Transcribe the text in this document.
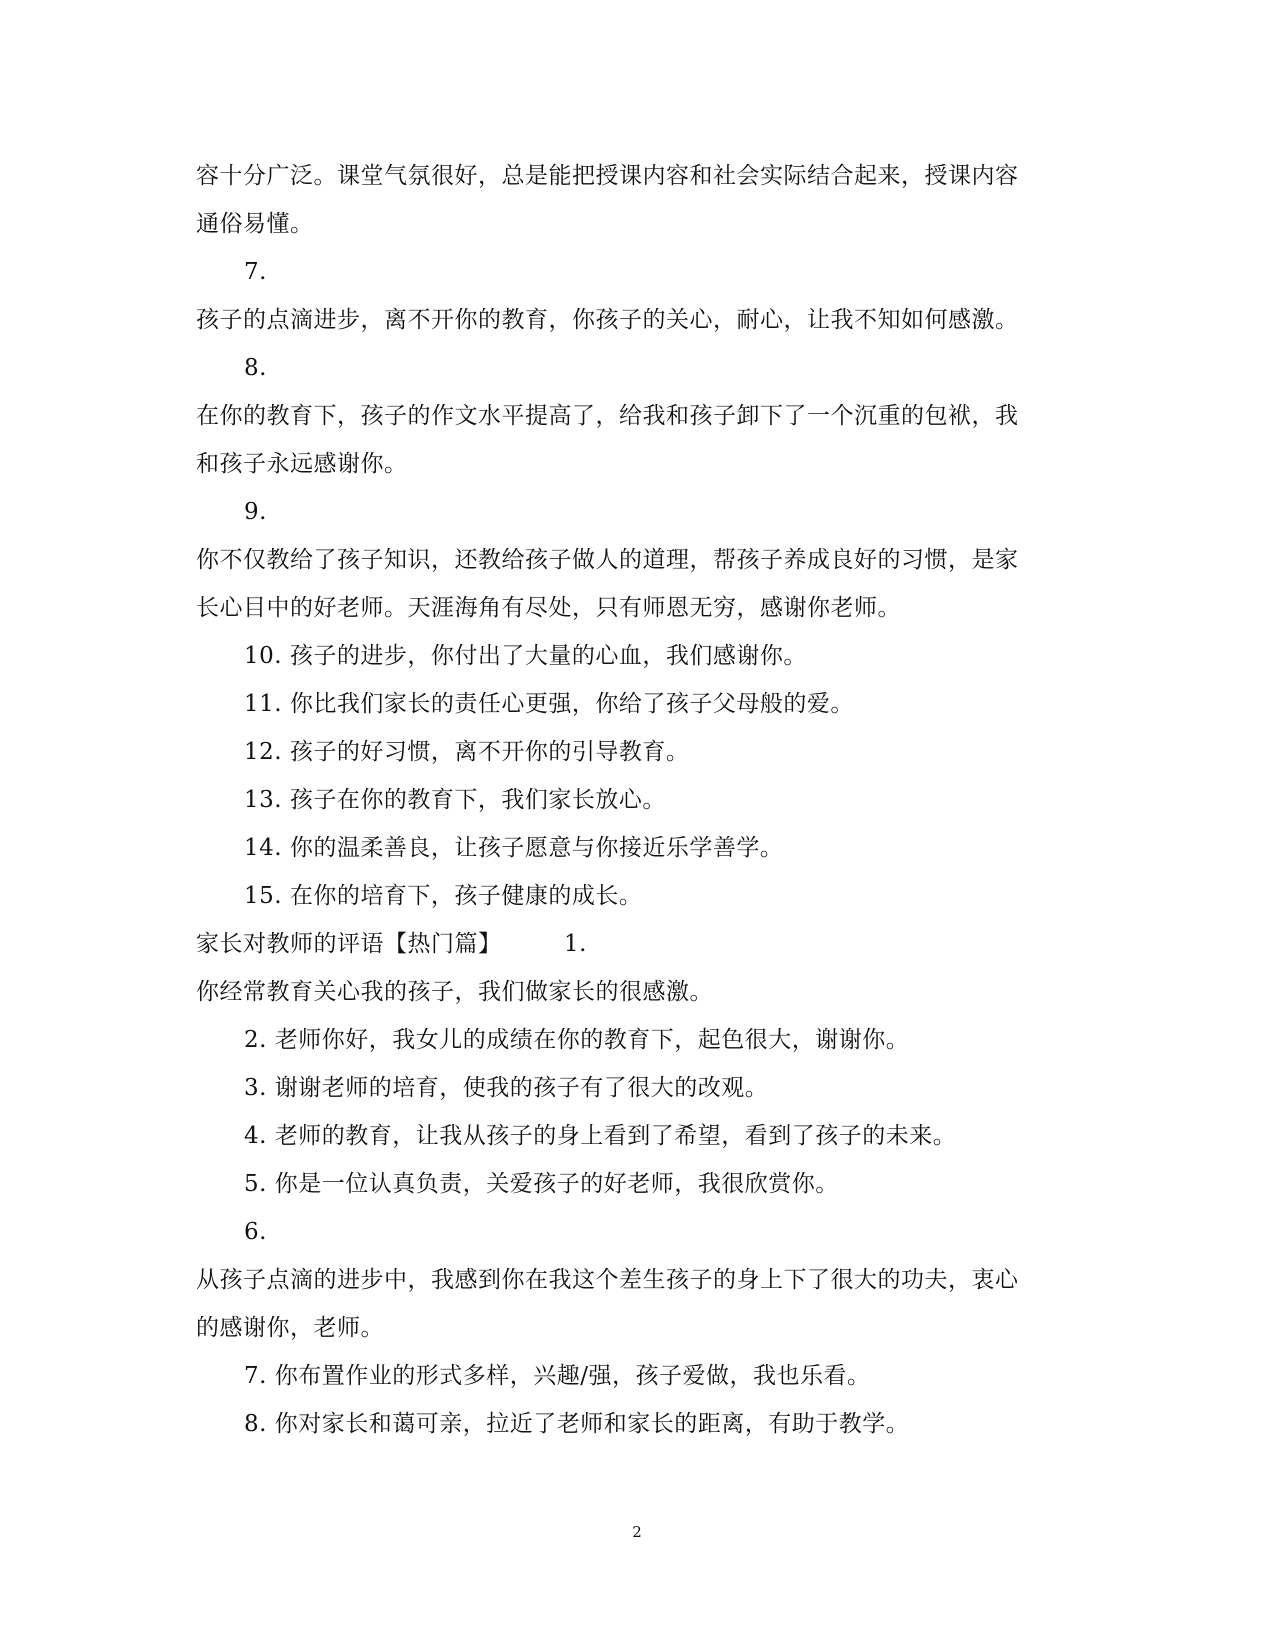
容十分广泛。课堂气氛很好，总是能把授课内容和社会实际结合起来，授课内容
通俗易懂。
7.
孩子的点滴进步，离不开你的教育，你孩子的关心，耐心，让我不知如何感激。
8.
在你的教育下，孩子的作文水平提高了，给我和孩子卸下了一个沉重的包袱，我
和孩子永远感谢你。
9.
你不仅教给了孩子知识，还教给孩子做人的道理，帮孩子养成良好的习惯，是家
长心目中的好老师。天涯海角有尽处，只有师恩无穷，感谢你老师。
10. 孩子的进步，你付出了大量的心血，我们感谢你。
11. 你比我们家长的责任心更强，你给了孩子父母般的爱。
12. 孩子的好习惯，离不开你的引导教育。
13. 孩子在你的教育下，我们家长放心。
14. 你的温柔善良，让孩子愿意与你接近乐学善学。
15. 在你的培育下，孩子健康的成长。
家长对教师的评语【热门篇】        1.
你经常教育关心我的孩子，我们做家长的很感激。
2. 老师你好，我女儿的成绩在你的教育下，起色很大，谢谢你。
3. 谢谢老师的培育，使我的孩子有了很大的改观。
4. 老师的教育，让我从孩子的身上看到了希望，看到了孩子的未来。
5. 你是一位认真负责，关爱孩子的好老师，我很欣赏你。
6.
从孩子点滴的进步中，我感到你在我这个差生孩子的身上下了很大的功夫，衷心
的感谢你，老师。
7. 你布置作业的形式多样，兴趣/强，孩子爱做，我也乐看。
8. 你对家长和蔼可亲，拉近了老师和家长的距离，有助于教学。
2
